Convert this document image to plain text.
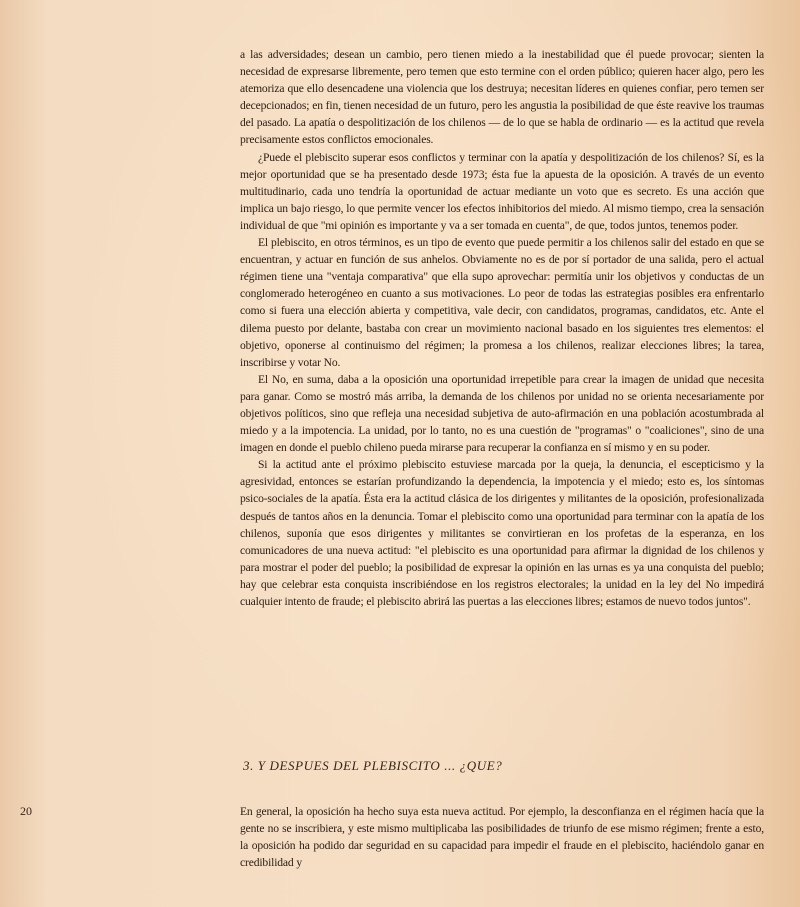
a las adversidades; desean un cambio, pero tienen miedo a la inestabilidad que él puede provocar; sienten la necesidad de expresarse libremente, pero temen que esto termine con el orden público; quieren hacer algo, pero les atemoriza que ello desencadene una violencia que los destruya; necesitan líderes en quienes confiar, pero temen ser decepcionados; en fin, tienen necesidad de un futuro, pero les angustia la posibilidad de que éste reavive los traumas del pasado. La apatía o despolitización de los chilenos — de lo que se habla de ordinario — es la actitud que revela precisamente estos conflictos emocionales.

¿Puede el plebiscito superar esos conflictos y terminar con la apatía y despolitización de los chilenos? Sí, es la mejor oportunidad que se ha presentado desde 1973; ésta fue la apuesta de la oposición. A través de un evento multitudinario, cada uno tendría la oportunidad de actuar mediante un voto que es secreto. Es una acción que implica un bajo riesgo, lo que permite vencer los efectos inhibitorios del miedo. Al mismo tiempo, crea la sensación individual de que "mi opinión es importante y va a ser tomada en cuenta", de que, todos juntos, tenemos poder.

El plebiscito, en otros términos, es un tipo de evento que puede permitir a los chilenos salir del estado en que se encuentran, y actuar en función de sus anhelos. Obviamente no es de por sí portador de una salida, pero el actual régimen tiene una "ventaja comparativa" que ella supo aprovechar: permitía unir los objetivos y conductas de un conglomerado heterogéneo en cuanto a sus motivaciones. Lo peor de todas las estrategias posibles era enfrentarlo como si fuera una elección abierta y competitiva, vale decir, con candidatos, programas, candidatos, etc. Ante el dilema puesto por delante, bastaba con crear un movimiento nacional basado en los siguientes tres elementos: el objetivo, oponerse al continuismo del régimen; la promesa a los chilenos, realizar elecciones libres; la tarea, inscribirse y votar No.

El No, en suma, daba a la oposición una oportunidad irrepetible para crear la imagen de unidad que necesita para ganar. Como se mostró más arriba, la demanda de los chilenos por unidad no se orienta necesariamente por objetivos políticos, sino que refleja una necesidad subjetiva de auto-afirmación en una población acostumbrada al miedo y a la impotencia. La unidad, por lo tanto, no es una cuestión de "programas" o "coaliciones", sino de una imagen en donde el pueblo chileno pueda mirarse para recuperar la confianza en sí mismo y en su poder.

Si la actitud ante el próximo plebiscito estuviese marcada por la queja, la denuncia, el escepticismo y la agresividad, entonces se estarían profundizando la dependencia, la impotencia y el miedo; esto es, los síntomas psico-sociales de la apatía. Ésta era la actitud clásica de los dirigentes y militantes de la oposición, profesionalizada después de tantos años en la denuncia. Tomar el plebiscito como una oportunidad para terminar con la apatía de los chilenos, suponía que esos dirigentes y militantes se convirtieran en los profetas de la esperanza, en los comunicadores de una nueva actitud: "el plebiscito es una oportunidad para afirmar la dignidad de los chilenos y para mostrar el poder del pueblo; la posibilidad de expresar la opinión en las urnas es ya una conquista del pueblo; hay que celebrar esta conquista inscribiéndose en los registros electorales; la unidad en la ley del No impedirá cualquier intento de fraude; el plebiscito abrirá las puertas a las elecciones libres; estamos de nuevo todos juntos".

3. Y DESPUES DEL PLEBISCITO ... ¿QUE?
20	En general, la oposición ha hecho suya esta nueva actitud. Por ejemplo, la desconfianza en el régimen hacía que la gente no se inscribiera, y este mismo multiplicaba las posibilidades de triunfo de ese mismo régimen; frente a esto, la oposición ha podido dar seguridad en su capacidad para impedir el fraude en el plebiscito, haciéndolo ganar en credibilidad y
